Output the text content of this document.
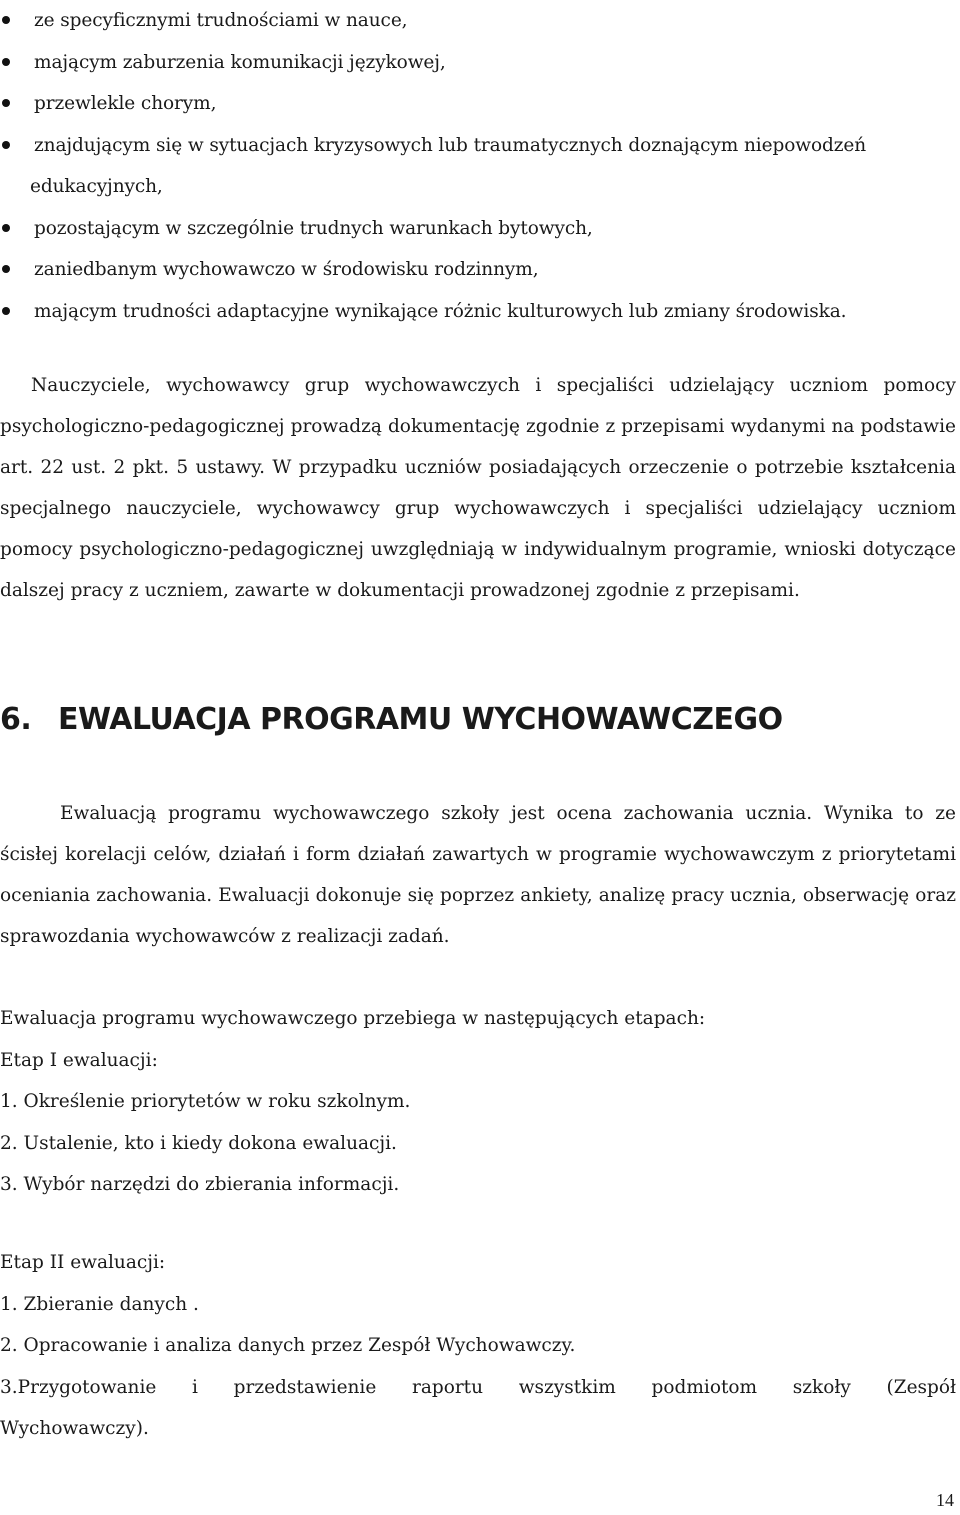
ze specyficznymi trudnościami w nauce,
mającym zaburzenia komunikacji językowej,
przewlekle chorym,
znajdującym się w sytuacjach kryzysowych lub traumatycznych doznającym niepowodzeń
edukacyjnych,
pozostającym w szczególnie trudnych warunkach bytowych,
zaniedbanym wychowawczo w środowisku rodzinnym,
mającym trudności adaptacyjne wynikające różnic kulturowych lub zmiany środowiska.

Nauczyciele, wychowawcy grup wychowawczych i specjaliści udzielający uczniom pomocy psychologiczno-pedagogicznej prowadzą dokumentację zgodnie z przepisami wydanymi na podstawie art. 22 ust. 2 pkt. 5 ustawy. W przypadku uczniów posiadających orzeczenie o potrzebie kształcenia specjalnego nauczyciele, wychowawcy grup wychowawczych i specjaliści udzielający uczniom pomocy psychologiczno-pedagogicznej uwzględniają w indywidualnym programie, wnioski dotyczące dalszej pracy z uczniem, zawarte w dokumentacji prowadzonej zgodnie z przepisami.

6. EWALUACJA PROGRAMU WYCHOWAWCZEGO

Ewaluacją programu wychowawczego szkoły jest ocena zachowania ucznia. Wynika to ze ścisłej korelacji celów, działań i form działań zawartych w programie wychowawczym z priorytetami oceniania zachowania. Ewaluacji dokonuje się poprzez ankiety, analizę pracy ucznia, obserwację oraz sprawozdania wychowawców z realizacji zadań.

Ewaluacja programu wychowawczego przebiega w następujących etapach:
Etap I ewaluacji:
1. Określenie priorytetów w roku szkolnym.
2. Ustalenie, kto i kiedy dokona ewaluacji.
3. Wybór narzędzi do zbierania informacji.
Etap II ewaluacji:
1. Zbieranie danych .
2. Opracowanie i analiza danych przez Zespół Wychowawczy.
3.Przygotowanie i przedstawienie raportu wszystkim podmiotom szkoły (Zespół
Wychowawczy).
14
